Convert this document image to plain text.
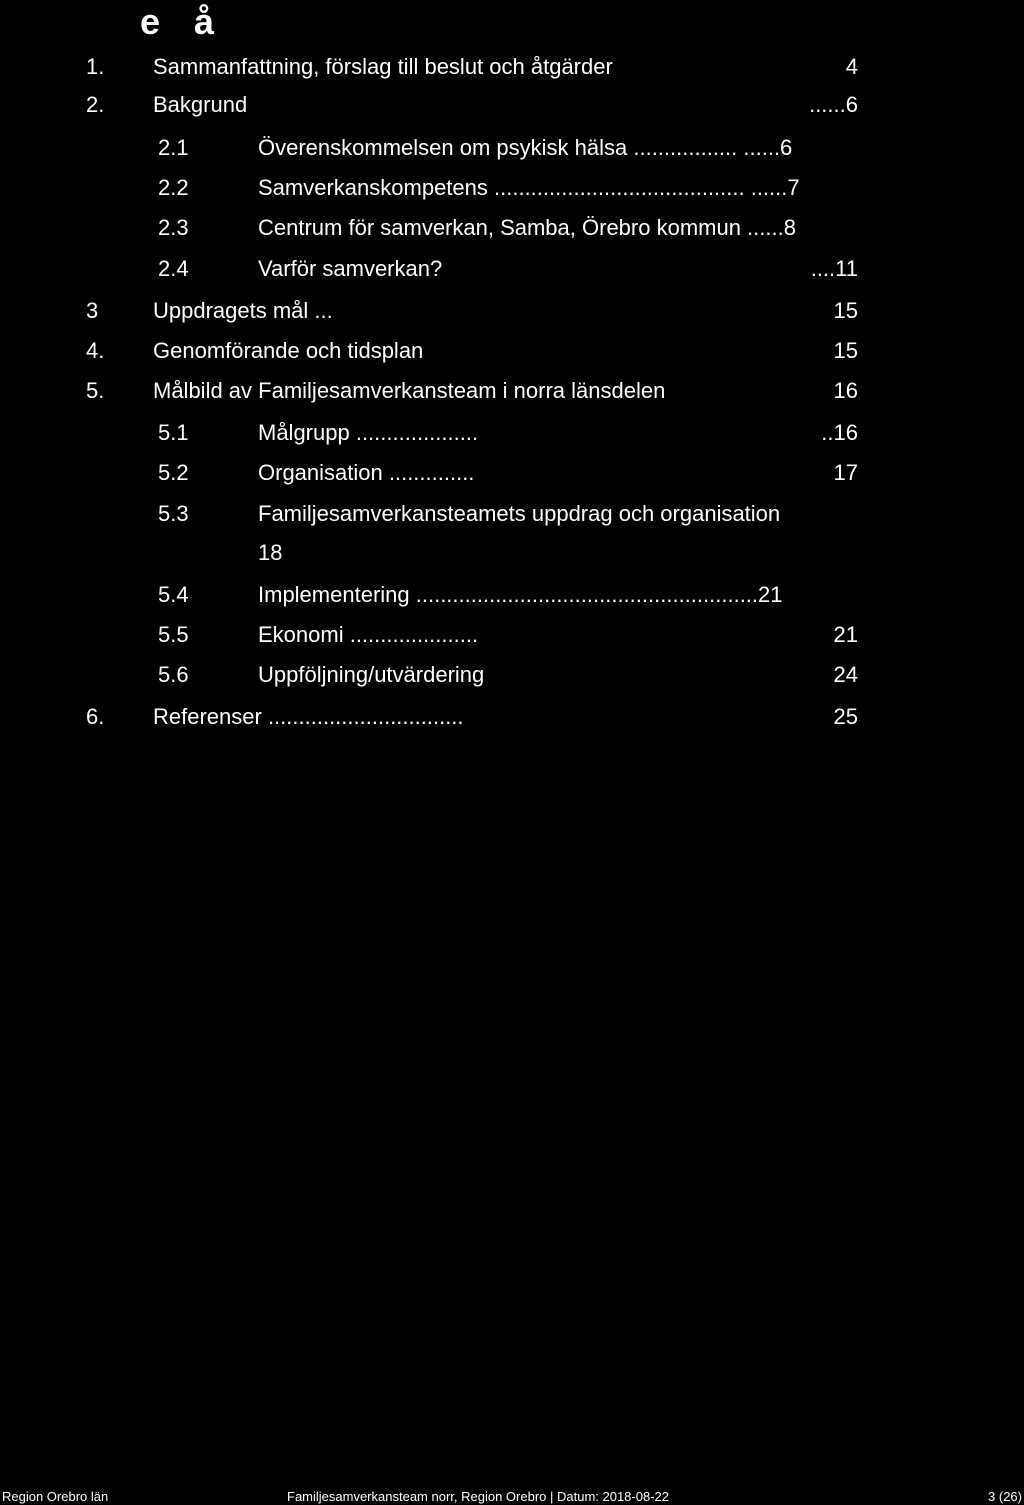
e å
1. Sammanfattning, förslag till beslut och åtgärder	4
2. Bakgrund	......6
2.1	Överenskommelsen om psykisk hälsa ................. ......6
2.2	Samverkanskompetens ......................................... ......7
2.3	Centrum för samverkan, Samba, Örebro kommun ......8
2.4	Varför samverkan?	....11
3 Uppdragets mål ...	15
4. Genomförande och tidsplan	15
5. Målbild av Familjesamverkansteam i norra länsdelen	16
5.1	Målgrupp ....................	..16
5.2	Organisation ..............	17
5.3	Familjesamverkansteamets uppdrag och organisation
18
5.4	Implementering ........................................................21
5.5	Ekonomi .....................	21
5.6	Uppföljning/utvärdering	24
6. Referenser ................................	25
Region Orebro län	Familjesamverkansteam norr, Region Orebro | Datum: 2018-08-22	3 (26)
